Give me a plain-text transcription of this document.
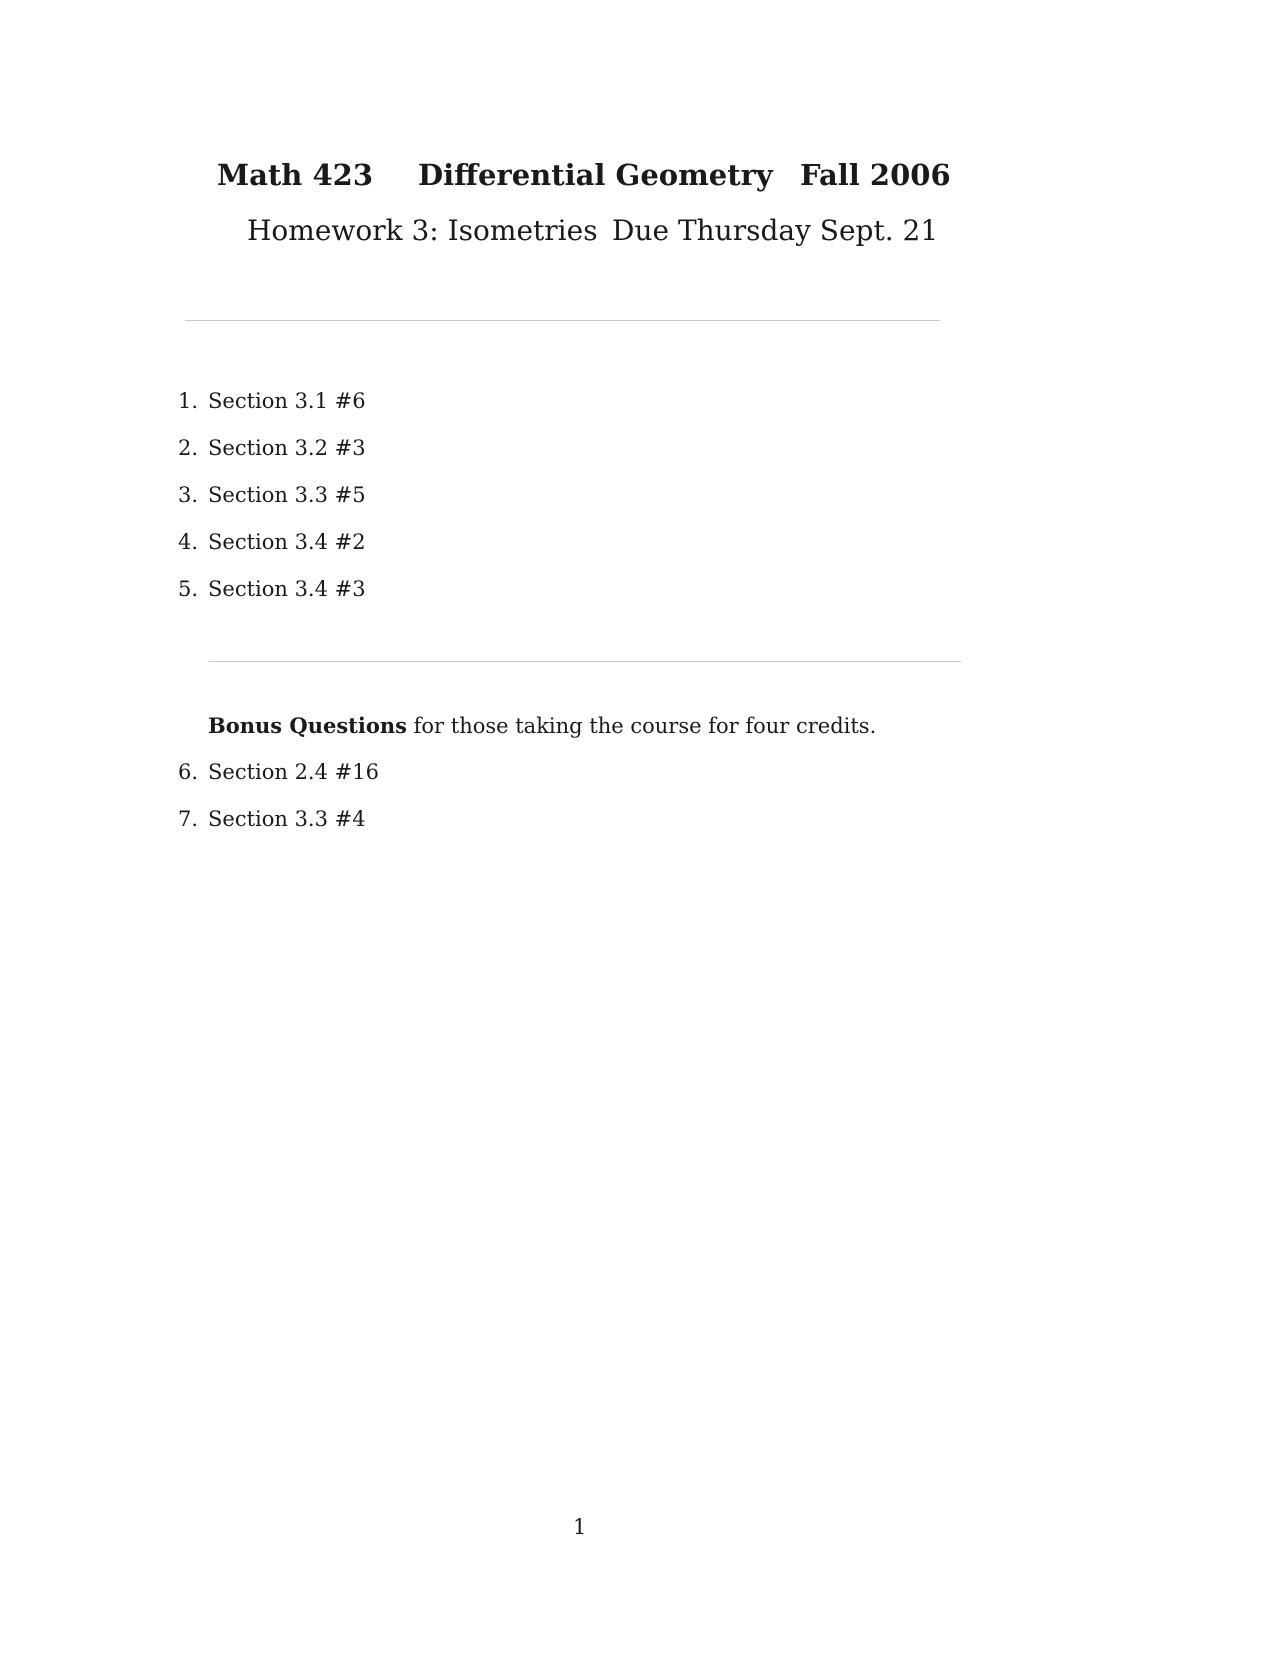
Math 423 Differential Geometry Fall 2006
Homework 3: Isometries Due Thursday Sept. 21
1. Section 3.1 #6
2. Section 3.2 #3
3. Section 3.3 #5
4. Section 3.4 #2
5. Section 3.4 #3
Bonus Questions for those taking the course for four credits.
6. Section 2.4 #16
7. Section 3.3 #4
1
